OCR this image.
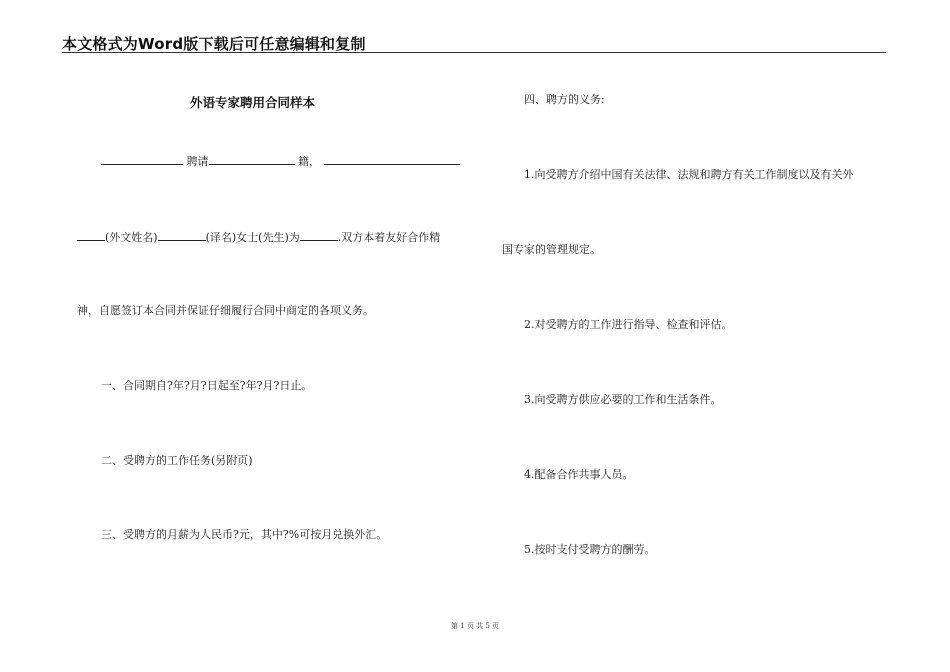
本文格式为Word版下载后可任意编辑和复制
外语专家聘用合同样本
聘请	籍，
(外文姓名)	(译名)女士(先生)为	.双方本着友好合作精
神，自愿签订本合同并保证仔细履行合同中商定的各项义务。
一、合同期自?年?月?日起至?年?月?日止。
二、受聘方的工作任务(另附页)
三、受聘方的月薪为人民币?元，其中?%可按月兑换外汇。
四、聘方的义务:
1.向受聘方介绍中国有关法律、法规和聘方有关工作制度以及有关外
国专家的管理规定。
2.对受聘方的工作进行指导、检查和评估。
3.向受聘方供应必要的工作和生活条件。
4.配备合作共事人员。
5.按时支付受聘方的酬劳。
第 1 页 共 5 页
